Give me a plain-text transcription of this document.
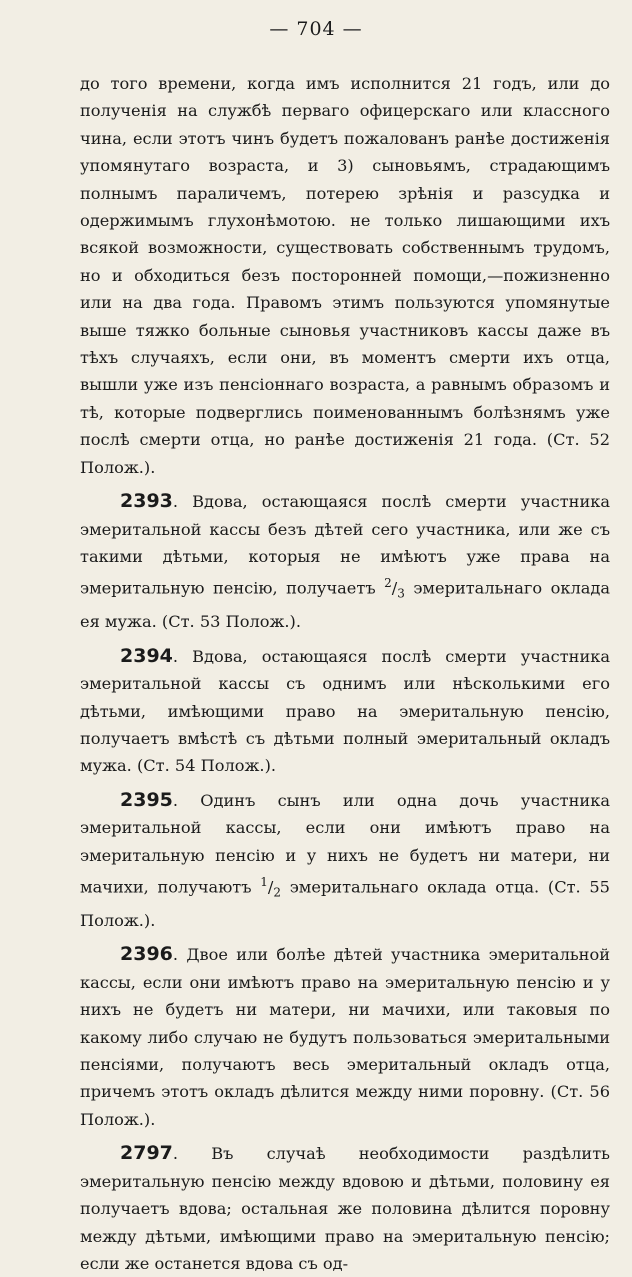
— 704 —

до того времени, когда имъ исполнится 21 годъ, или до полученія на службѣ перваго офицерскаго или классного чина, если этотъ чинъ будетъ пожалованъ ранѣе достиженія упомянутаго возраста, и 3) сыновьямъ, страдающимъ полнымъ параличемъ, потерею зрѣнія и разсудка и одержимымъ глухонѣмотою. не только лишающими ихъ всякой возможности, существовать собственнымъ трудомъ, но и обходиться безъ посторонней помощи,—пожизненно или на два года. Правомъ этимъ пользуются упомянутые выше тяжко больные сыновья участниковъ кассы даже въ тѣхъ случаяхъ, если они, въ моментъ смерти ихъ отца, вышли уже изъ пенсіоннаго возраста, а равнымъ образомъ и тѣ, которые подверглись поименованнымъ болѣзнямъ уже послѣ смерти отца, но ранѣе достиженія 21 года. (Ст. 52 Полож.).

2393. Вдова, остающаяся послѣ смерти участника эмеритальной кассы безъ дѣтей сего участника, или же съ такими дѣтьми, которыя не имѣютъ уже права на эмеритальную пенсію, получаетъ $^2/_3$ эмеритальнаго оклада ея мужа. (Ст. 53 Полож.).

2394. Вдова, остающаяся послѣ смерти участника эмеритальной кассы съ однимъ или нѣсколькими его дѣтьми, имѣющими право на эмеритальную пенсію, получаетъ вмѣстѣ съ дѣтьми полный эмеритальный окладъ мужа. (Ст. 54 Полож.).

2395. Одинъ сынъ или одна дочь участника эмеритальной кассы, если они имѣютъ право на эмеритальную пенсію и у нихъ не будетъ ни матери, ни мачихи, получаютъ $^1/_2$ эмеритальнаго оклада отца. (Ст. 55 Полож.).

2396. Двое или болѣе дѣтей участника эмеритальной кассы, если они имѣютъ право на эмеритальную пенсію и у нихъ не будетъ ни матери, ни мачихи, или таковыя по какому либо случаю не будутъ пользоваться эмеритальными пенсіями, получаютъ весь эмеритальный окладъ отца, причемъ этотъ окладъ дѣлится между ними поровну. (Ст. 56 Полож.).

2797. Въ случаѣ необходимости раздѣлить эмеритальную пенсію между вдовою и дѣтьми, половину ея получаетъ вдова; остальная же половина дѣлится поровну между дѣтьми, имѣющими право на эмеритальную пенсію; если же останется вдова съ од-
